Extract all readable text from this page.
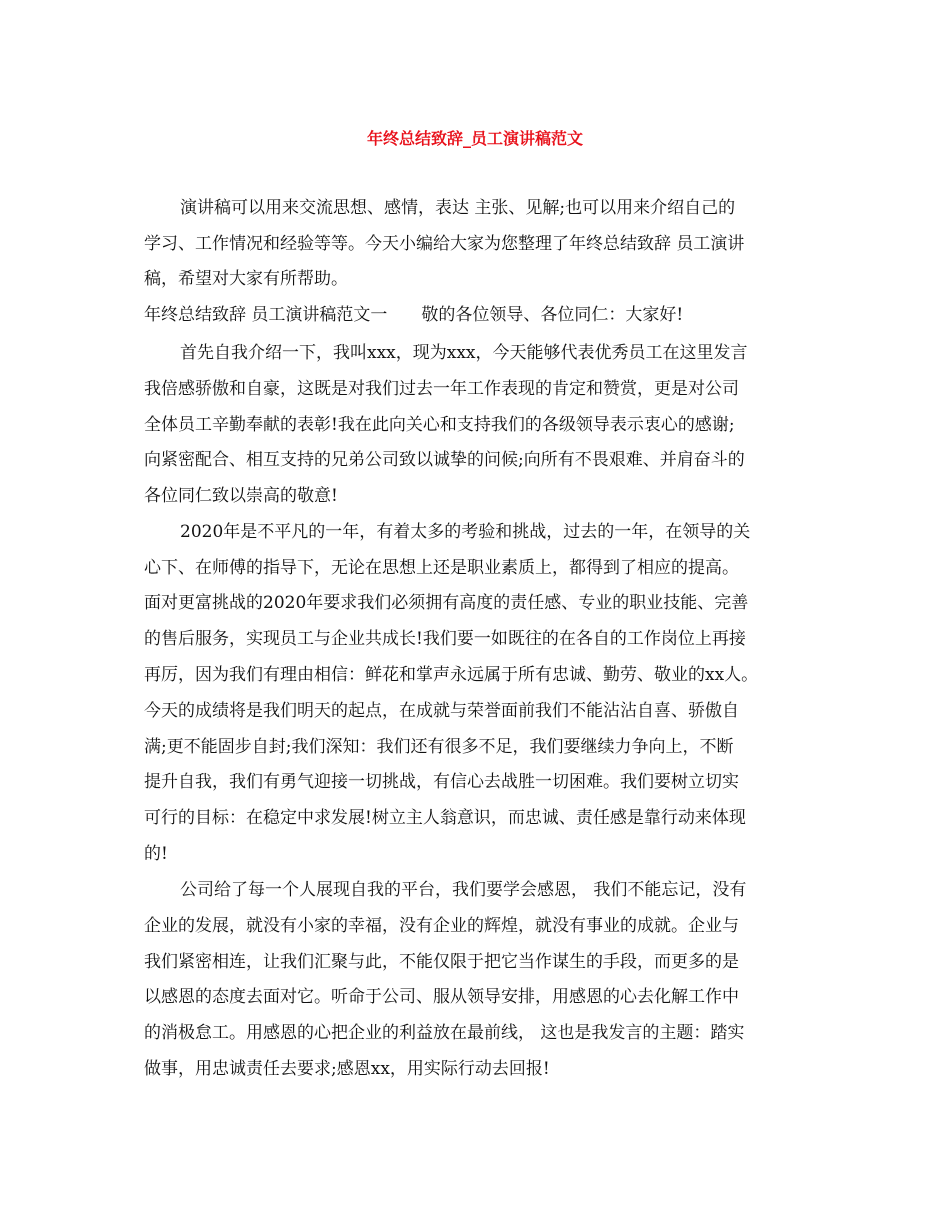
年终总结致辞_员工演讲稿范文

演讲稿可以用来交流思想、感情，表达 主张、见解;也可以用来介绍自己的

学习、工作情况和经验等等。今天小编给大家为您整理了年终总结致辞 员工演讲

稿，希望对大家有所帮助。

年终总结致辞 员工演讲稿范文一　　敬的各位领导、各位同仁：大家好!

首先自我介绍一下，我叫xxx，现为xxx，今天能够代表优秀员工在这里发言

我倍感骄傲和自豪，这既是对我们过去一年工作表现的肯定和赞赏，更是对公司

全体员工辛勤奉献的表彰!我在此向关心和支持我们的各级领导表示衷心的感谢;

向紧密配合、相互支持的兄弟公司致以诚挚的问候;向所有不畏艰难、并肩奋斗的

各位同仁致以崇高的敬意!

2020年是不平凡的一年，有着太多的考验和挑战，过去的一年，在领导的关

心下、在师傅的指导下，无论在思想上还是职业素质上，都得到了相应的提高。

面对更富挑战的2020年要求我们必须拥有高度的责任感、专业的职业技能、完善

的售后服务，实现员工与企业共成长!我们要一如既往的在各自的工作岗位上再接

再厉，因为我们有理由相信：鲜花和掌声永远属于所有忠诚、勤劳、敬业的xx人。

今天的成绩将是我们明天的起点，在成就与荣誉面前我们不能沾沾自喜、骄傲自

满;更不能固步自封;我们深知：我们还有很多不足，我们要继续力争向上，不断

提升自我，我们有勇气迎接一切挑战，有信心去战胜一切困难。我们要树立切实

可行的目标：在稳定中求发展!树立主人翁意识，而忠诚、责任感是靠行动来体现

的!

公司给了每一个人展现自我的平台，我们要学会感恩， 我们不能忘记，没有

企业的发展，就没有小家的幸福，没有企业的辉煌，就没有事业的成就。企业与

我们紧密相连，让我们汇聚与此，不能仅限于把它当作谋生的手段，而更多的是

以感恩的态度去面对它。听命于公司、服从领导安排，用感恩的心去化解工作中

的消极怠工。用感恩的心把企业的利益放在最前线， 这也是我发言的主题：踏实

做事，用忠诚责任去要求;感恩xx，用实际行动去回报!
